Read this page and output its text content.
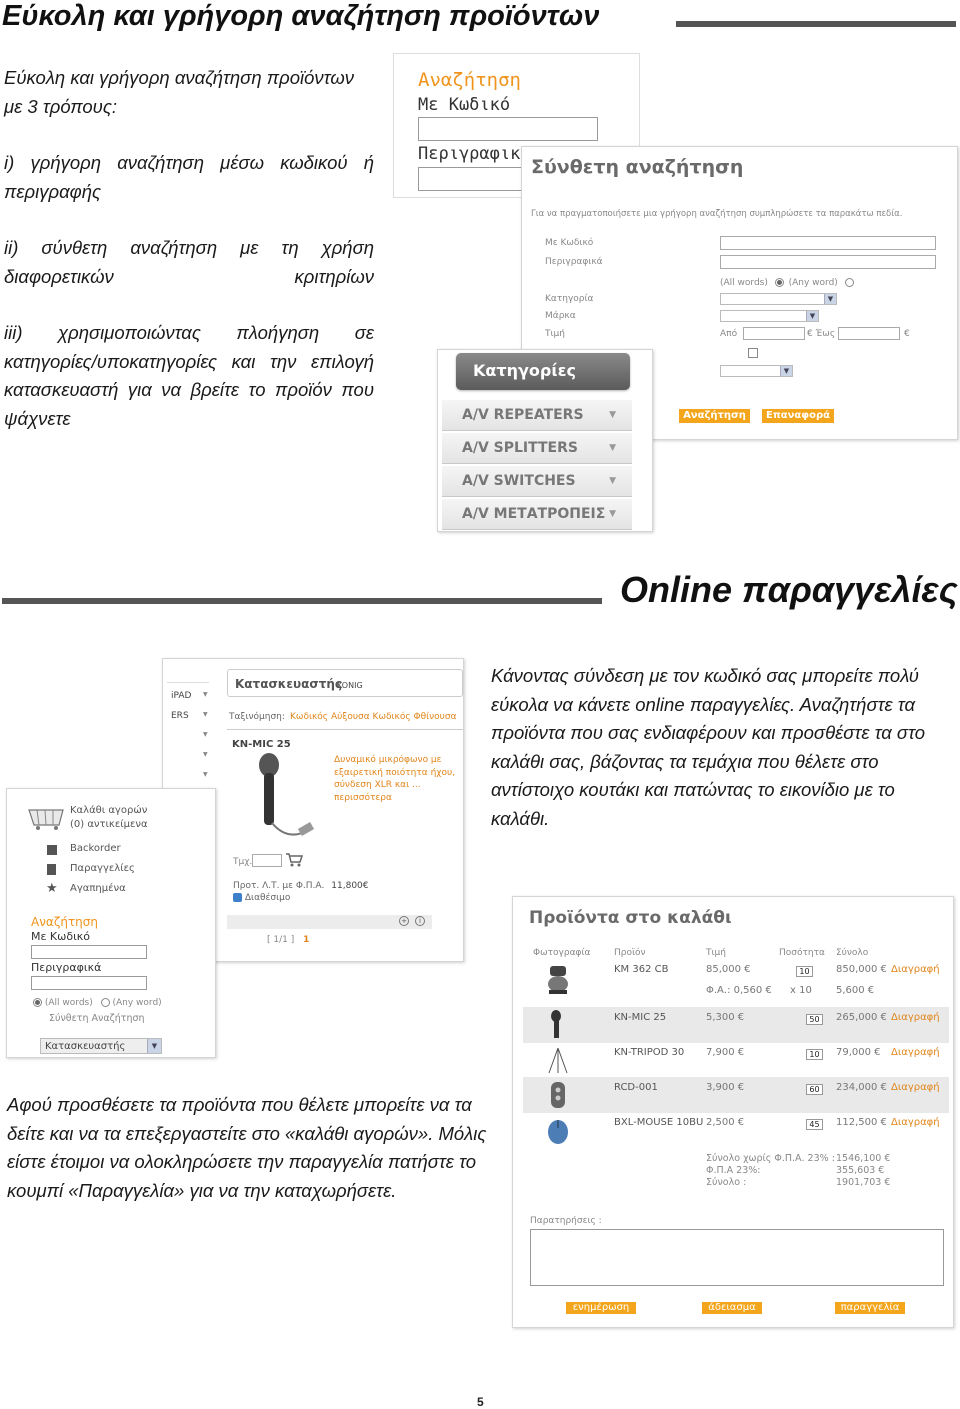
Εύκολη και γρήγορη αναζήτηση προϊόντων

Εύκολη και γρήγορη αναζήτηση προϊόντων με 3 τρόπους:

i) γρήγορη αναζήτηση μέσω κωδικού ή περιγραφής

ii) σύνθετη αναζήτηση με τη χρήση διαφορετικών κριτηρίων

iii) χρησιμοποιώντας πλοήγηση σε κατηγορίες/υποκατηγορίες και την επιλογή κατασκευαστή για να βρείτε το προϊόν που ψάχνετε

Αναζήτηση
Με Κωδικό
Περιγραφικ
Σύνθετη αναζήτηση
Για να πραγματοποιήσετε μια γρήγορη αναζήτηση συμπληρώσετε τα παρακάτω πεδία.
Με Κωδικό
Περιγραφικά
(All words) (Any word)
Κατηγορία	▼
Μάρκα	▼
Τιμή	Από	€ Έως	€
▼
Αναζήτηση	Επαναφορά
Κατηγορίες
A/V REPEATERS	▼
A/V SPLITTERS	▼
A/V SWITCHES	▼
A/V ΜΕΤΑΤΡΟΠΕΙΣ ▼
Online παραγγελίες
Κάνοντας σύνδεση με τον κωδικό σας μπορείτε πολύ εύκολα να κάνετε online παραγγελίες. Αναζητήστε τα προϊόντα που σας ενδιαφέρουν και προσθέστε τα στο καλάθι σας, βάζοντας τα τεμάχια που θέλετε στο αντίστοιχο κουτάκι και πατώντας το εικονίδιο με το καλάθι.
iPAD ▼
ERS ▼
▼
▼
▼
Κατασκευαστής
KONIG
Ταξινόμηση: Κωδικός Αύξουσα Κωδικός Φθίνουσα
KN-MIC 25
Δυναμικό μικρόφωνο με εξαιρετική ποιότητα ήχου, σύνδεση XLR και ... περισσότερα
Τμχ.
Προτ. Λ.Τ. με Φ.Π.Α. 11,800€
Διαθέσιμο
+	i
[ 1/1 ] 1
Καλάθι αγορών
(0) αντικείμενα
Backorder
Παραγγελίες
★ Αγαπημένα
Αναζήτηση
Με Κωδικό
Περιγραφικά
(All words) (Any word)
Σύνθετη Αναζήτηση
Κατασκευαστής	▼
Προϊόντα στο καλάθι
Φωτογραφία	Προϊόν	Τιμή	Ποσότητα Σύνολο
KM 362 CB	85,000 €	10	850,000 € Διαγραφή
Φ.Α.: 0,560 € x 10 5,600 €
KN-MIC 25	5,300 €	50	265,000 € Διαγραφή
KN-TRIPOD 30 7,900 €	10	79,000 € Διαγραφή
RCD-001	3,900 €	60	234,000 € Διαγραφή
BXL-MOUSE 10BU 2,500 €	45	112,500 € Διαγραφή
Σύνολο χωρίς Φ.Π.Α. 23% : 1546,100 €
Φ.Π.Α 23%:	355,603 €
Σύνολο :	1901,703 €
Παρατηρήσεις :
ενημέρωση	άδειασμα	παραγγελία
Αφού προσθέσετε τα προϊόντα που θέλετε μπορείτε να τα δείτε και να τα επεξεργαστείτε στο «καλάθι αγορών». Μόλις είστε έτοιμοι να ολοκληρώσετε την παραγγελία πατήστε το κουμπί «Παραγγελία» για να την καταχωρήσετε.
5
